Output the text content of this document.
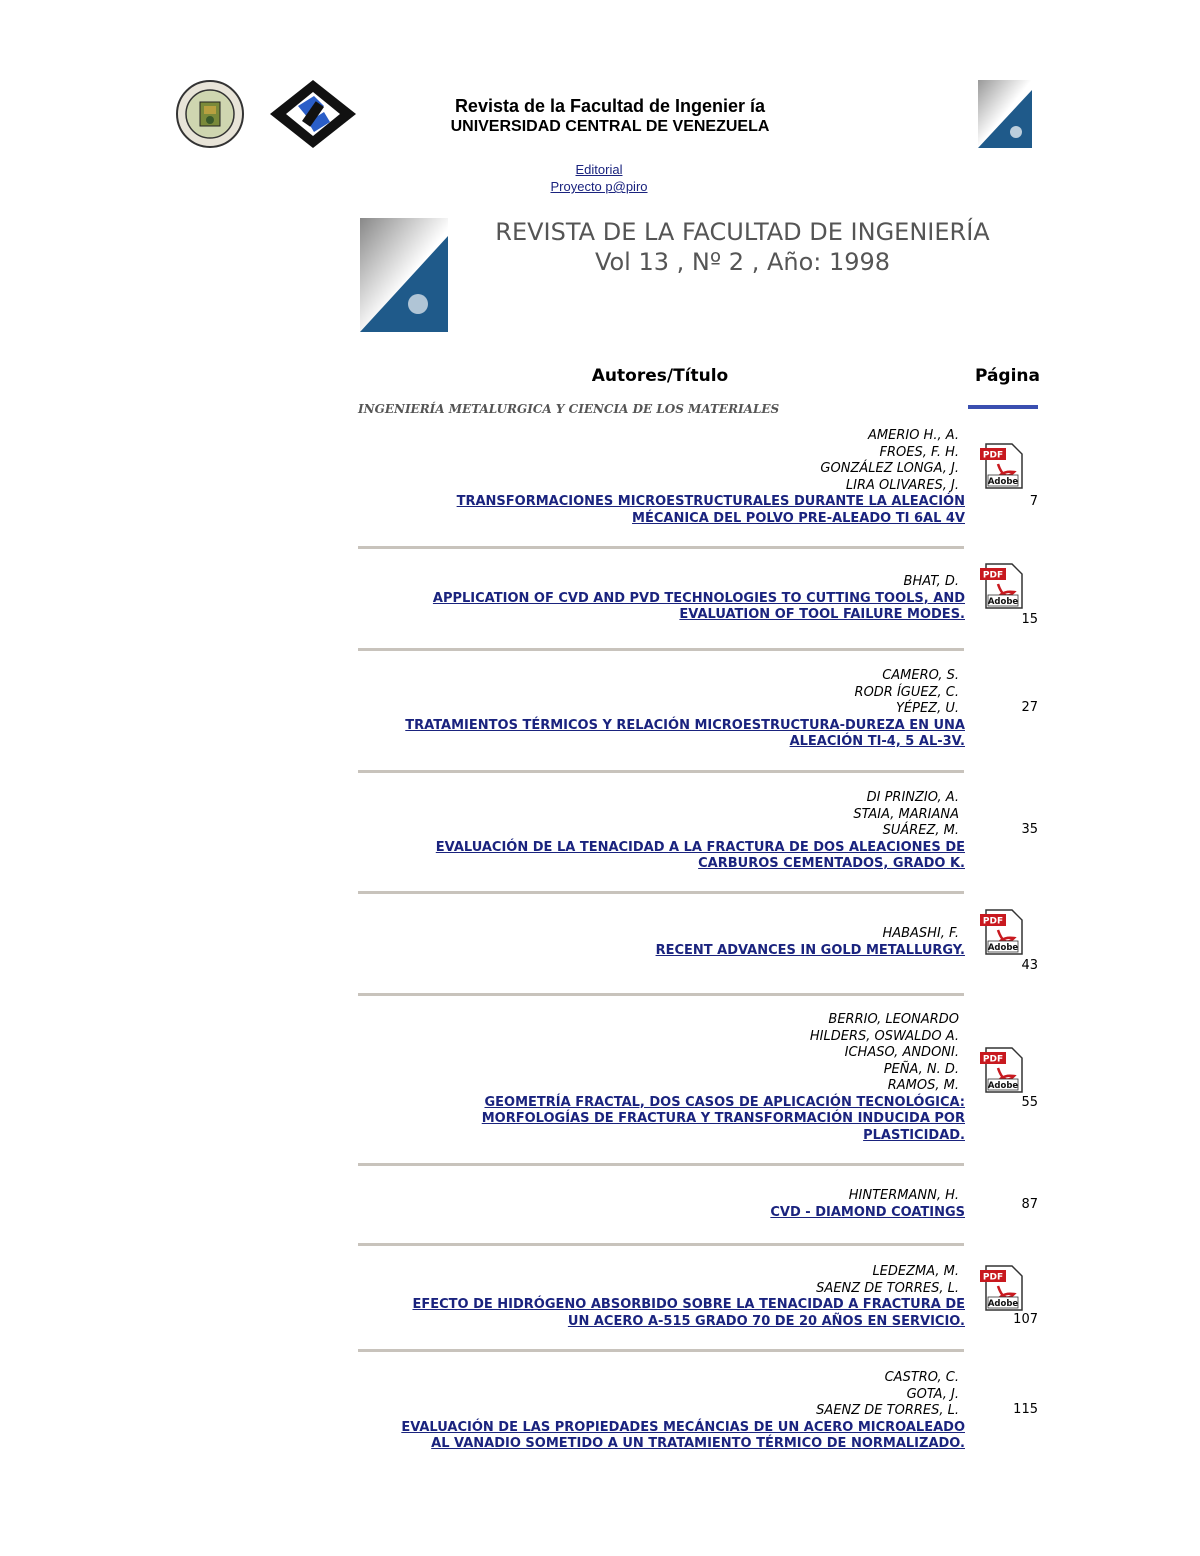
Revista de la Facultad de Ingenier ía
UNIVERSIDAD CENTRAL DE VENEZUELA
Editorial
Proyecto p@piro
REVISTA DE LA FACULTAD DE INGENIERÍA
Vol 13 , Nº 2 , Año: 1998
Autores/Título	Página
INGENIERÍA METALURGICA Y CIENCIA DE LOS MATERIALES
AMERIO H., A.
FROES, F. H.
GONZÁLEZ LONGA, J.
LIRA OLIVARES, J.
TRANSFORMACIONES MICROESTRUCTURALES DURANTE LA ALEACIÓN
MÉCANICA DEL POLVO PRE-ALEADO TI 6AL 4V
PDF
Adobe
7
BHAT, D.
APPLICATION OF CVD AND PVD TECHNOLOGIES TO CUTTING TOOLS, AND
EVALUATION OF TOOL FAILURE MODES.
PDF
Adobe
15
CAMERO, S.
RODR ÍGUEZ, C.
YÉPEZ, U.
TRATAMIENTOS TÉRMICOS Y RELACIÓN MICROESTRUCTURA-DUREZA EN UNA
ALEACIÓN TI-4, 5 AL-3V.
27
DI PRINZIO, A.
STAIA, MARIANA
SUÁREZ, M.
EVALUACIÓN DE LA TENACIDAD A LA FRACTURA DE DOS ALEACIONES DE
CARBUROS CEMENTADOS, GRADO K.
35
HABASHI, F.
RECENT ADVANCES IN GOLD METALLURGY.
PDF
Adobe
43
BERRIO, LEONARDO
HILDERS, OSWALDO A.
ICHASO, ANDONI.
PEÑA, N. D.
RAMOS, M.
GEOMETRÍA FRACTAL, DOS CASOS DE APLICACIÓN TECNOLÓGICA:
MORFOLOGÍAS DE FRACTURA Y TRANSFORMACIÓN INDUCIDA POR
PLASTICIDAD.
PDF
Adobe
55
HINTERMANN, H.
CVD - DIAMOND COATINGS	87
LEDEZMA, M.
SAENZ DE TORRES, L.
EFECTO DE HIDRÓGENO ABSORBIDO SOBRE LA TENACIDAD A FRACTURA DE
UN ACERO A-515 GRADO 70 DE 20 AÑOS EN SERVICIO.
PDF
Adobe
107
CASTRO, C.
GOTA, J.
SAENZ DE TORRES, L.
EVALUACIÓN DE LAS PROPIEDADES MECÁNCIAS DE UN ACERO MICROALEADO
AL VANADIO SOMETIDO A UN TRATAMIENTO TÉRMICO DE NORMALIZADO.
115
